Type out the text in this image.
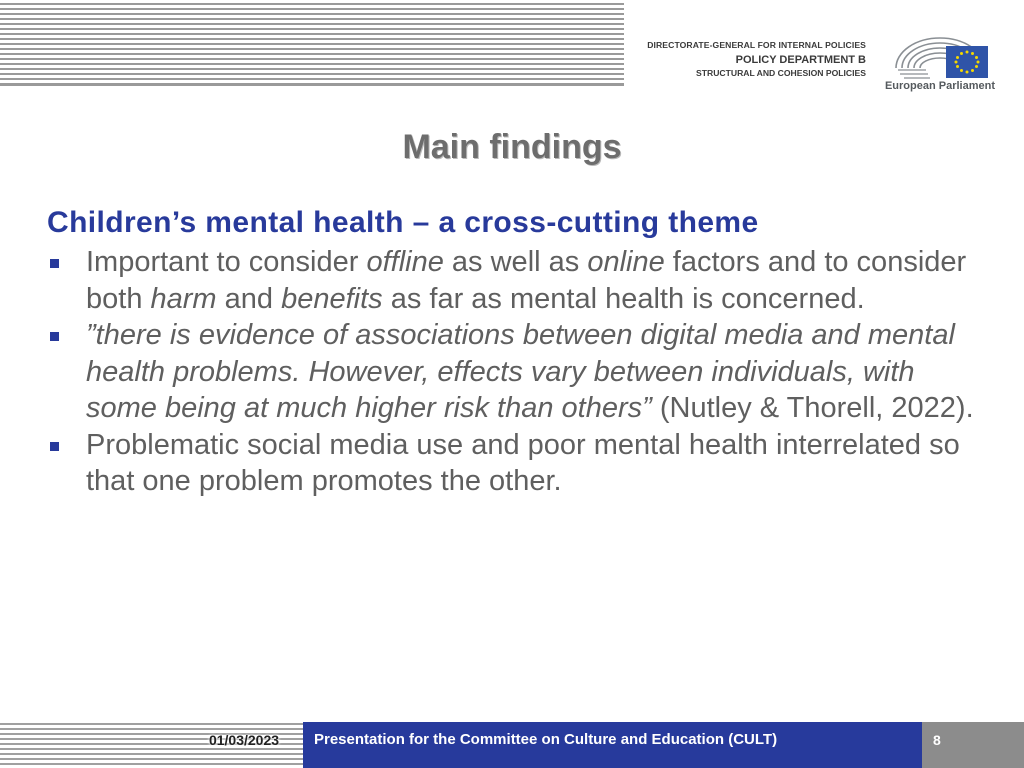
DIRECTORATE-GENERAL FOR INTERNAL POLICIES
POLICY DEPARTMENT B
STRUCTURAL AND COHESION POLICIES
European Parliament
Main findings
Children’s mental health – a cross-cutting theme
Important to consider offline as well as online factors and to consider both harm and benefits as far as mental health is concerned.
”there is evidence of associations between digital media and mental health problems. However, effects vary between individuals, with some being at much higher risk than others” (Nutley & Thorell, 2022).
Problematic social media use and poor mental health interrelated so that one problem promotes the other.
01/03/2023	Presentation for the Committee on Culture and Education (CULT)	8
